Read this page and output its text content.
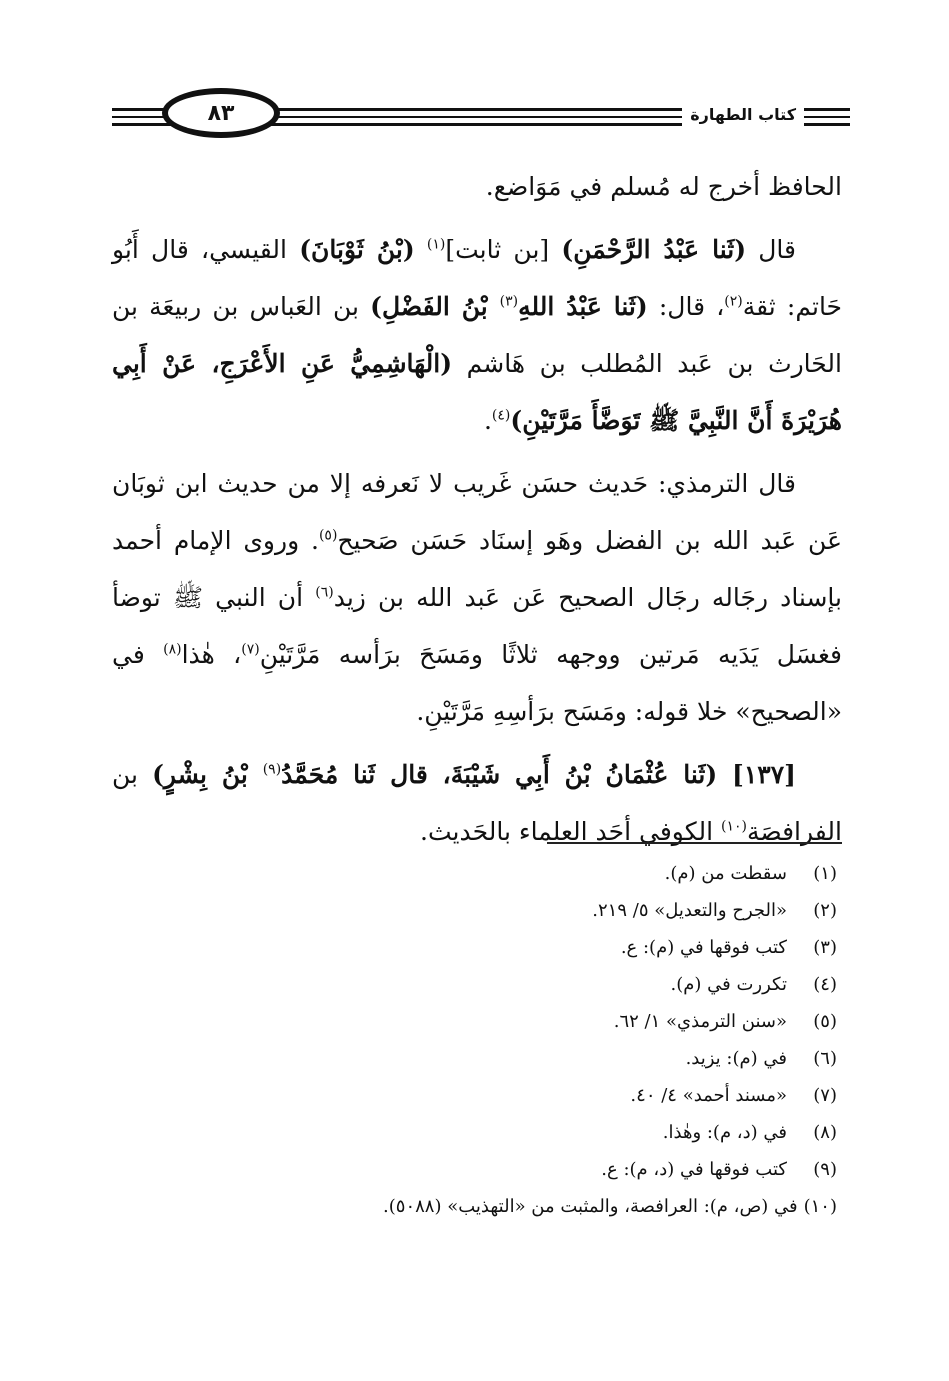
كتاب الطهارة
٨٣

الحافظ أخرج له مُسلم في مَوَاضع.

قال (ثَنا عَبْدُ الرَّحْمَنِ) [بن ثابت]$^{(١)}$ (بْنُ ثَوْبَانَ) القيسي، قال أَبُو حَاتم: ثقة$^{(٢)}$، قال: (ثَنا عَبْدُ اللهِ$^{(٣)}$ بْنُ الفَضْلِ) بن العَباس بن ربيعَة بن الحَارث بن عَبد المُطلب بن هَاشم (الْهَاشِمِيُّ عَنِ الأَعْرَجِ، عَنْ أَبِي هُرَيْرَةَ أَنَّ النَّبِيَّ ﷺ تَوَضَّأَ مَرَّتَيْنِ)$^{(٤)}$.

قال الترمذي: حَديث حسَن غَريب لا نَعرفه إلا من حديث ابن ثوبَان عَن عَبد الله بن الفضل وهَو إسنَاد حَسَن صَحيح$^{(٥)}$. وروى الإمام أحمد بإسناد رجَاله رجَال الصحيح عَن عَبد الله بن زيد$^{(٦)}$ أن النبي ﷺ توضأ فغسَل يَدَيه مَرتين ووجهه ثلاثًا ومَسَحَ برَأسه مَرَّتَيْنِ$^{(٧)}$، هٰذا$^{(٨)}$ في «الصحيح» خلا قوله: ومَسَح برَأسِهِ مَرَّتَيْنِ.

[١٣٧] (ثَنا عُثْمَانُ بْنُ أَبِي شَيْبَةَ، قال ثَنا مُحَمَّدُ$^{(٩)}$ بْنُ بِشْرٍ) بن الفرافصَة$^{(١٠)}$ الكوفي أحَد العلماء بالحَديث.

(١)
سقطت من (م).
(٢)
«الجرح والتعديل» ٥/ ٢١٩.
(٣)
كتب فوقها في (م): ع.
(٤)
تكررت في (م).
(٥)
«سنن الترمذي» ١/ ٦٢.
(٦)
في (م): يزيد.
(٧)
«مسند أحمد» ٤/ ٤٠.
(٨)
في (د، م): وهٰذا.
(٩)
كتب فوقها في (د، م): ع.
(١٠)
في (ص، م): العرافصة، والمثبت من «التهذيب» (٥٠٨٨).
